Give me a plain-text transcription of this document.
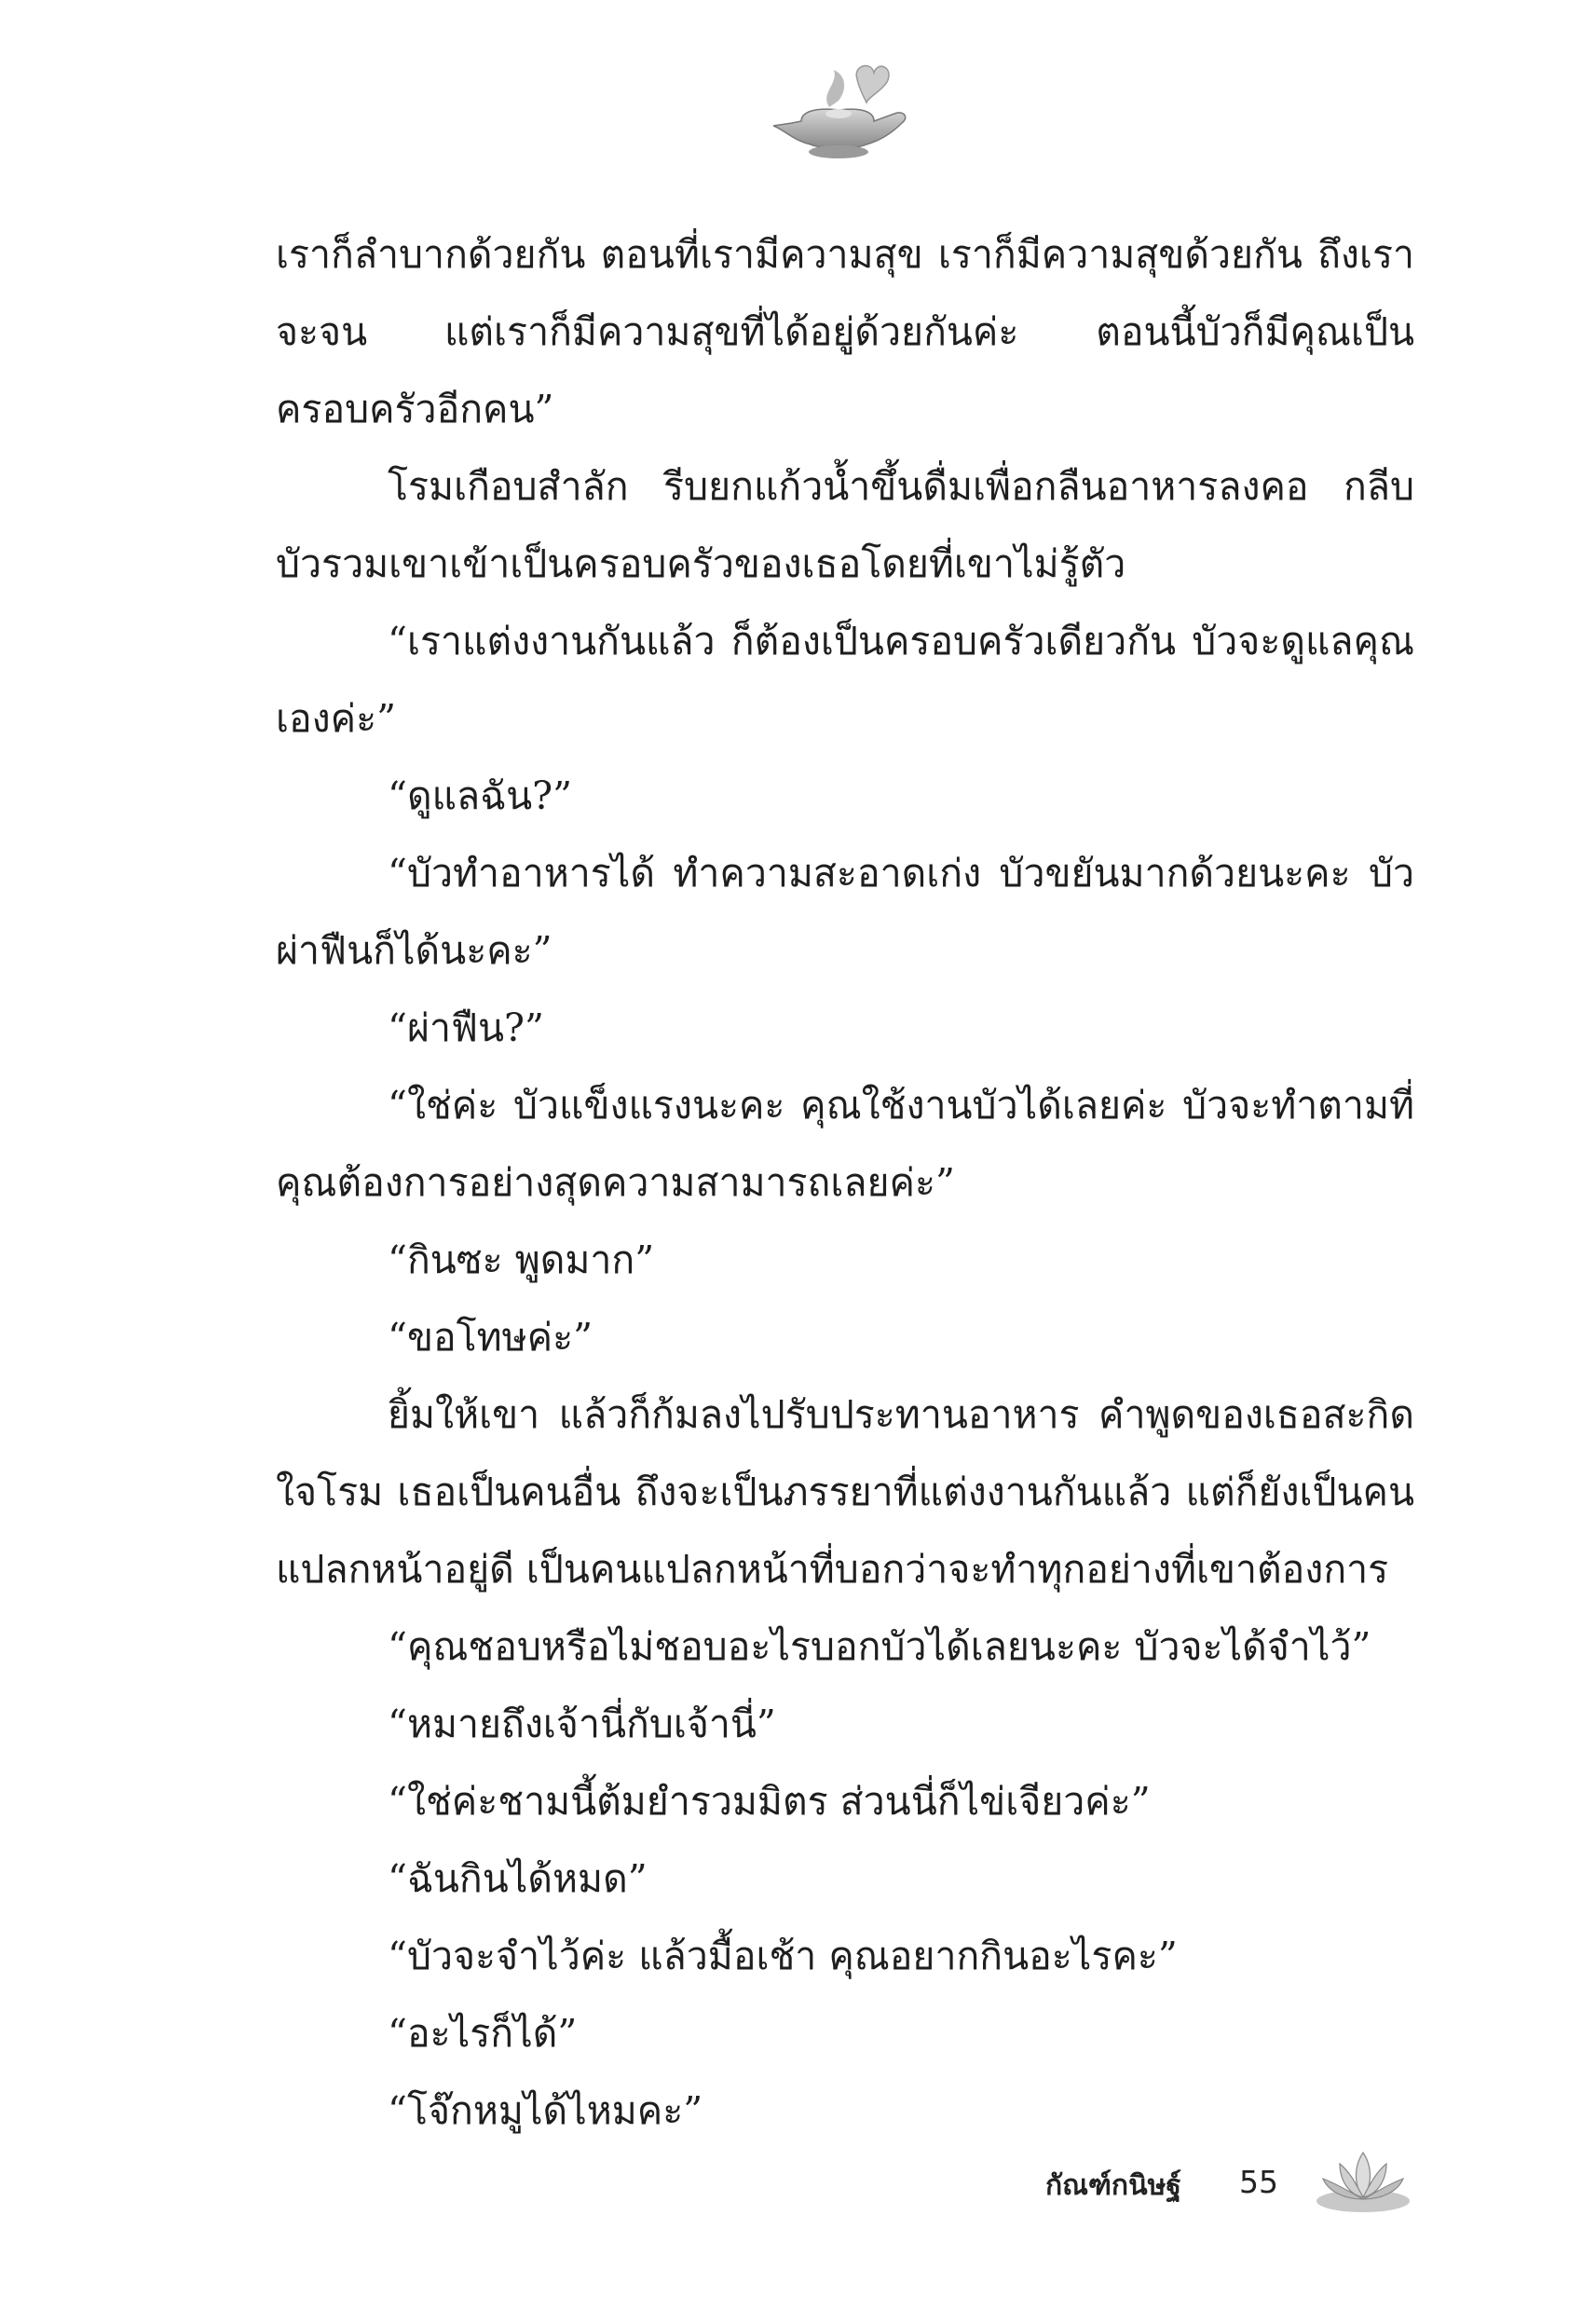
เราก็ลำบากด้วยกัน ตอนที่เรามีความสุข เราก็มีความสุขด้วยกัน ถึงเราจะจน แต่เราก็มีความสุขที่ได้อยู่ด้วยกันค่ะ ตอนนี้บัวก็มีคุณเป็นครอบครัวอีกคน”

โรมเกือบสำลัก รีบยกแก้วน้ำขึ้นดื่มเพื่อกลืนอาหารลงคอ กลีบบัวรวมเขาเข้าเป็นครอบครัวของเธอโดยที่เขาไม่รู้ตัว

“เราแต่งงานกันแล้ว ก็ต้องเป็นครอบครัวเดียวกัน บัวจะดูแลคุณเองค่ะ”

“ดูแลฉัน?”

“บัวทำอาหารได้ ทำความสะอาดเก่ง บัวขยันมากด้วยนะคะ บัวผ่าฟืนก็ได้นะคะ”

“ผ่าฟืน?”

“ใช่ค่ะ บัวแข็งแรงนะคะ คุณใช้งานบัวได้เลยค่ะ บัวจะทำตามที่คุณต้องการอย่างสุดความสามารถเลยค่ะ”

“กินซะ พูดมาก”

“ขอโทษค่ะ”

ยิ้มให้เขา แล้วก็ก้มลงไปรับประทานอาหาร คำพูดของเธอสะกิดใจโรม เธอเป็นคนอื่น ถึงจะเป็นภรรยาที่แต่งงานกันแล้ว แต่ก็ยังเป็นคนแปลกหน้าอยู่ดี เป็นคนแปลกหน้าที่บอกว่าจะทำทุกอย่างที่เขาต้องการ

“คุณชอบหรือไม่ชอบอะไรบอกบัวได้เลยนะคะ บัวจะได้จำไว้”

“หมายถึงเจ้านี่กับเจ้านี่”

“ใช่ค่ะชามนี้ต้มยำรวมมิตร ส่วนนี่ก็ไข่เจียวค่ะ”

“ฉันกินได้หมด”

“บัวจะจำไว้ค่ะ แล้วมื้อเช้า คุณอยากกินอะไรคะ”

“อะไรก็ได้”

“โจ๊กหมูได้ไหมคะ”

กัณฑ์กนิษฐ์ 55
